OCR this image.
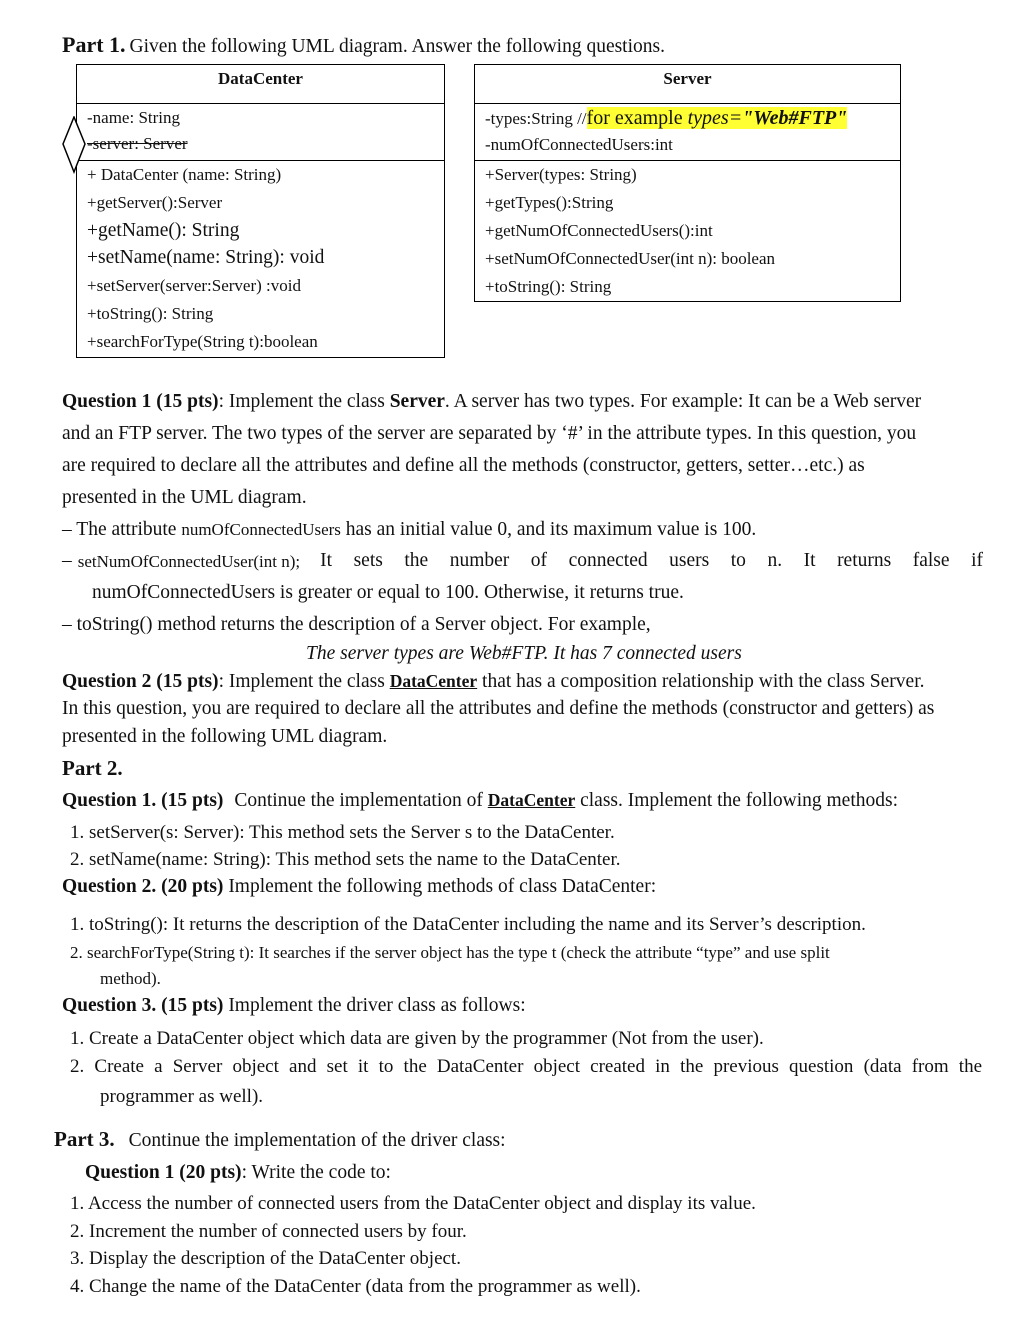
Part 1. Given the following UML diagram. Answer the following questions.
DataCenter
-name: String
-server: Server
+ DataCenter (name: String)
+getServer():Server
+getName(): String
+setName(name: String): void
+setServer(server:Server) :void
+toString(): String
+searchForType(String t):boolean
Server
-types:String //for example types="Web#FTP"
-numOfConnectedUsers:int
+Server(types: String)
+getTypes():String
+getNumOfConnectedUsers():int
+setNumOfConnectedUser(int n): boolean
+toString(): String
Question 1 (15 pts): Implement the class Server. A server has two types. For example: It can be a Web server
and an FTP server. The two types of the server are separated by ‘#’ in the attribute types. In this question, you
are required to declare all the attributes and define all the methods (constructor, getters, setter…etc.) as
presented in the UML diagram.
– The attribute numOfConnectedUsers has an initial value 0, and its maximum value is 100.
– setNumOfConnectedUser(int n); It sets the number of connected users to n. It returns false if
numOfConnectedUsers is greater or equal to 100. Otherwise, it returns true.
– toString() method returns the description of a Server object. For example,
The server types are Web#FTP. It has 7 connected users
Question 2 (15 pts): Implement the class DataCenter that has a composition relationship with the class Server.
In this question, you are required to declare all the attributes and define the methods (constructor and getters) as
presented in the following UML diagram.
Part 2.
Question 1. (15 pts) Continue the implementation of DataCenter class. Implement the following methods:
1. setServer(s: Server): This method sets the Server s to the DataCenter.
2. setName(name: String): This method sets the name to the DataCenter.
Question 2. (20 pts) Implement the following methods of class DataCenter:
1. toString(): It returns the description of the DataCenter including the name and its Server’s description.
2. searchForType(String t): It searches if the server object has the type t (check the attribute “type” and use split
method).
Question 3. (15 pts) Implement the driver class as follows:
1. Create a DataCenter object which data are given by the programmer (Not from the user).
2. Create a Server object and set it to the DataCenter object created in the previous question (data from the
programmer as well).
Part 3. Continue the implementation of the driver class:
Question 1 (20 pts): Write the code to:
1. Access the number of connected users from the DataCenter object and display its value.
2. Increment the number of connected users by four.
3. Display the description of the DataCenter object.
4. Change the name of the DataCenter (data from the programmer as well).
